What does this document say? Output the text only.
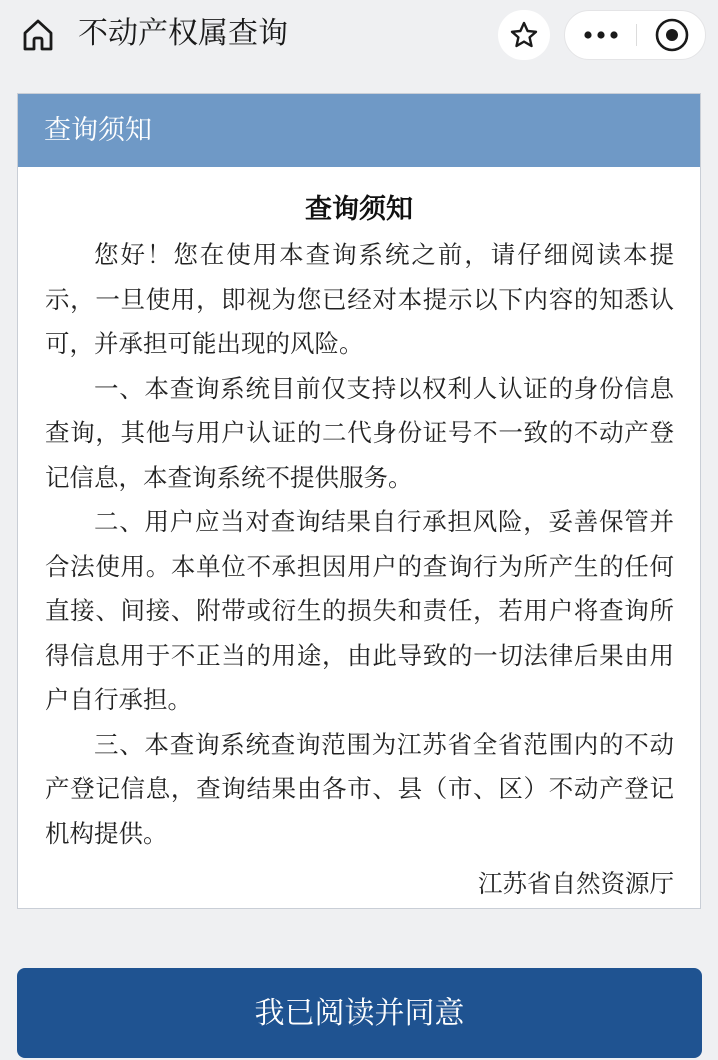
不动产权属查询
查询须知
查询须知

您好！您在使用本查询系统之前，请仔细阅读本提示，一旦使用，即视为您已经对本提示以下内容的知悉认可，并承担可能出现的风险。

一、本查询系统目前仅支持以权利人认证的身份信息查询，其他与用户认证的二代身份证号不一致的不动产登记信息，本查询系统不提供服务。

二、用户应当对查询结果自行承担风险，妥善保管并合法使用。本单位不承担因用户的查询行为所产生的任何直接、间接、附带或衍生的损失和责任，若用户将查询所得信息用于不正当的用途，由此导致的一切法律后果由用户自行承担。

三、本查询系统查询范围为江苏省全省范围内的不动产登记信息，查询结果由各市、县（市、区）不动产登记机构提供。

江苏省自然资源厅
我已阅读并同意
